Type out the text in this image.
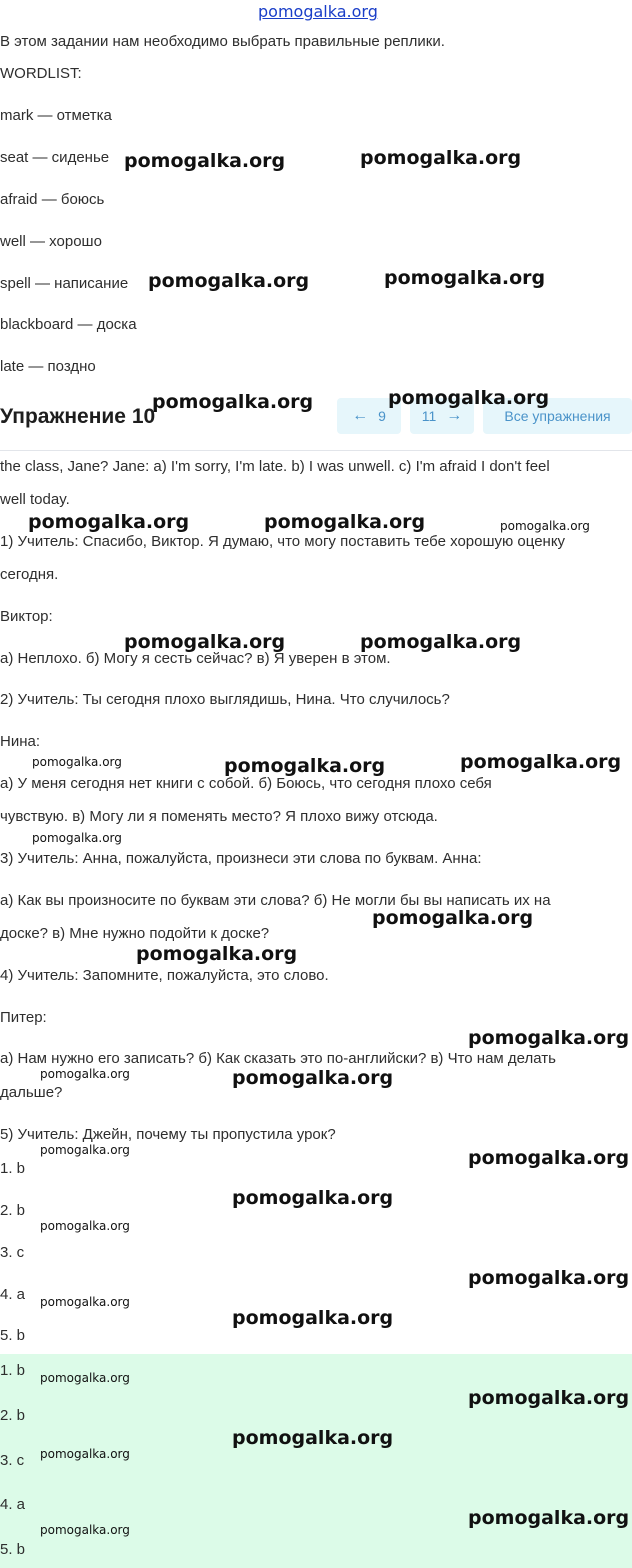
pomogalka.org
В этом задании нам необходимо выбрать правильные реплики.
WORDLIST:
mark — отметка
seat — сиденье
afraid — боюсь
well — хорошо
spell — написание
blackboard — доска
late — поздно
Упражнение 10	← 9	11 →	Все упражнения
the class, Jane? Jane: a) I'm sorry, I'm late. b) I was unwell. c) I'm afraid I don't feel
well today.
1) Учитель: Спасибо, Виктор. Я думаю, что могу поставить тебе хорошую оценку
сегодня.
Виктор:
а) Неплохо. б) Могу я сесть сейчас? в) Я уверен в этом.
2) Учитель: Ты сегодня плохо выглядишь, Нина. Что случилось?
Нина:
а) У меня сегодня нет книги с собой. б) Боюсь, что сегодня плохо себя
чувствую. в) Могу ли я поменять место? Я плохо вижу отсюда.
3) Учитель: Анна, пожалуйста, произнеси эти слова по буквам. Анна:
а) Как вы произносите по буквам эти слова? б) Не могли бы вы написать их на
доске? в) Мне нужно подойти к доске?
4) Учитель: Запомните, пожалуйста, это слово.
Питер:
а) Нам нужно его записать? б) Как сказать это по-английски? в) Что нам делать
дальше?
5) Учитель: Джейн, почему ты пропустила урок?
1. b
2. b
3. c
4. a
5. b
1. b
2. b
3. c
4. a
5. b
pomogalka.org	pomogalka.org
pomogalka.org	pomogalka.org
pomogalka.org	pomogalka.org
pomogalka.org	pomogalka.org
pomogalka.org	pomogalka.org
pomogalka.org	pomogalka.org
pomogalka.org
pomogalka.org
pomogalka.org
pomogalka.org
pomogalka.org
pomogalka.org
pomogalka.org
pomogalka.org
pomogalka.org
pomogalka.org
pomogalka.org
pomogalka.org
pomogalka.org
pomogalka.org
pomogalka.org
pomogalka.org
pomogalka.org
pomogalka.org
pomogalka.org
pomogalka.org
pomogalka.org
